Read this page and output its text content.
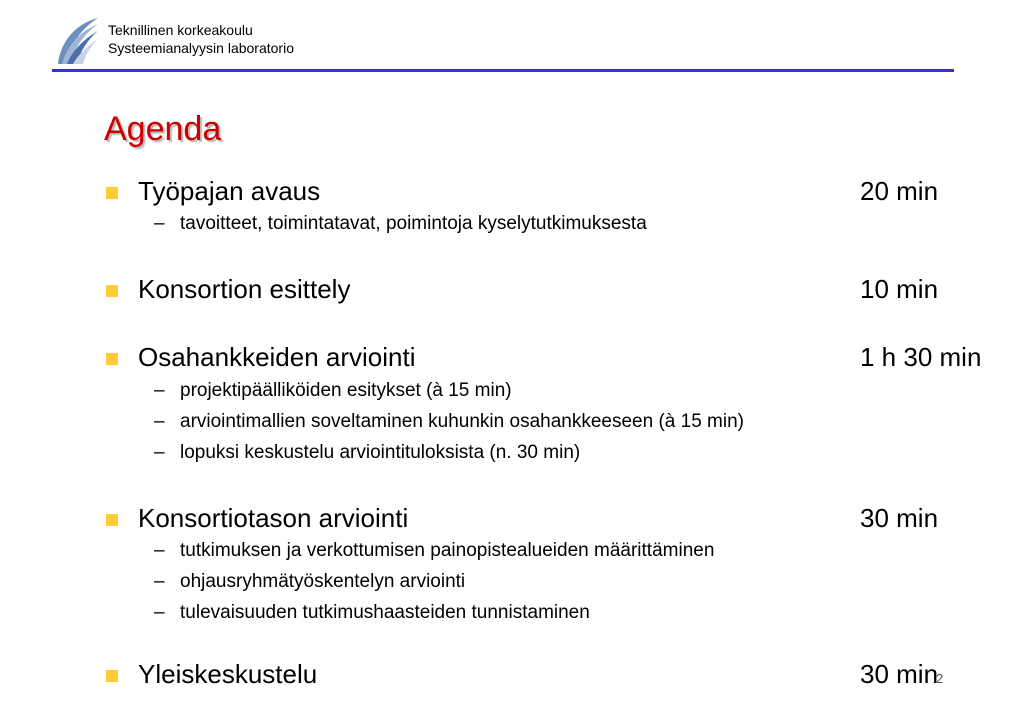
Teknillinen korkeakoulu
Systeemianalyysin laboratorio
Agenda
Työpajan avaus	20 min
– tavoitteet, toimintatavat, poimintoja kyselytutkimuksesta
Konsortion esittely	10 min
Osahankkeiden arviointi	1 h 30 min
– projektipäälliköiden esitykset (à 15 min)
– arviointimallien soveltaminen kuhunkin osahankkeeseen (à 15 min)
– lopuksi keskustelu arviointituloksista (n. 30 min)
Konsortiotason arviointi	30 min
– tutkimuksen ja verkottumisen painopistealueiden määrittäminen
– ohjausryhmätyöskentelyn arviointi
– tulevaisuuden tutkimushaasteiden tunnistaminen
Yleiskeskustelu	30 min
2
